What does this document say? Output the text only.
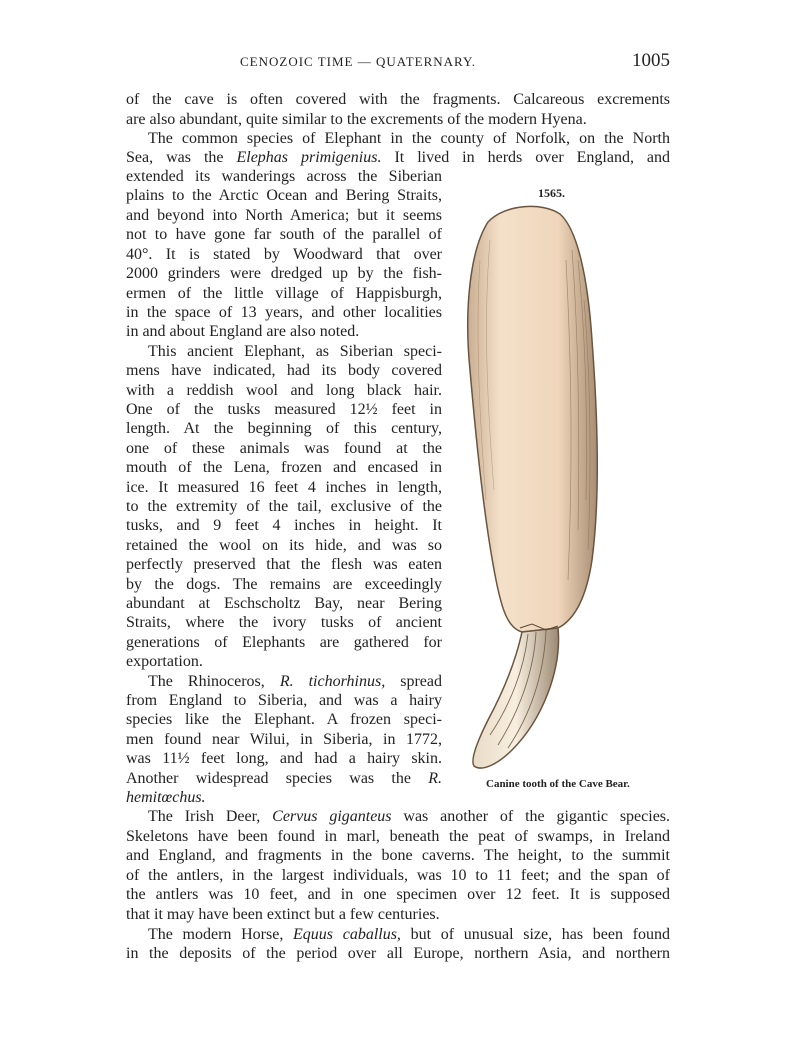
CENOZOIC TIME — QUATERNARY.	1005
of the cave is often covered with the fragments. Calcareous excrements
are also abundant, quite similar to the excrements of the modern Hyena.
The common species of Elephant in the county of Norfolk, on the North
Sea, was the Elephas primigenius. It lived in herds over England, and
extended its wanderings across the Siberian
plains to the Arctic Ocean and Bering Straits,
and beyond into North America; but it seems
not to have gone far south of the parallel of
40°. It is stated by Woodward that over
2000 grinders were dredged up by the fish-
ermen of the little village of Happisburgh,
in the space of 13 years, and other localities
in and about England are also noted.
This ancient Elephant, as Siberian speci-
mens have indicated, had its body covered
with a reddish wool and long black hair.
One of the tusks measured 12½ feet in
length. At the beginning of this century,
one of these animals was found at the
mouth of the Lena, frozen and encased in
ice. It measured 16 feet 4 inches in length,
to the extremity of the tail, exclusive of the
tusks, and 9 feet 4 inches in height. It
retained the wool on its hide, and was so
perfectly preserved that the flesh was eaten
by the dogs. The remains are exceedingly
abundant at Eschscholtz Bay, near Bering
Straits, where the ivory tusks of ancient
generations of Elephants are gathered for
exportation.
The Rhinoceros, R. tichorhinus, spread
from England to Siberia, and was a hairy
species like the Elephant. A frozen speci-
men found near Wilui, in Siberia, in 1772,
was 11½ feet long, and had a hairy skin.
Another widespread species was the R.
hemitœchus.
The Irish Deer, Cervus giganteus was another of the gigantic species.
Skeletons have been found in marl, beneath the peat of swamps, in Ireland
and England, and fragments in the bone caverns. The height, to the summit
of the antlers, in the largest individuals, was 10 to 11 feet; and the span of
the antlers was 10 feet, and in one specimen over 12 feet. It is supposed
that it may have been extinct but a few centuries.
The modern Horse, Equus caballus, but of unusual size, has been found
in the deposits of the period over all Europe, northern Asia, and northern
1565.
Canine tooth of the Cave Bear.
